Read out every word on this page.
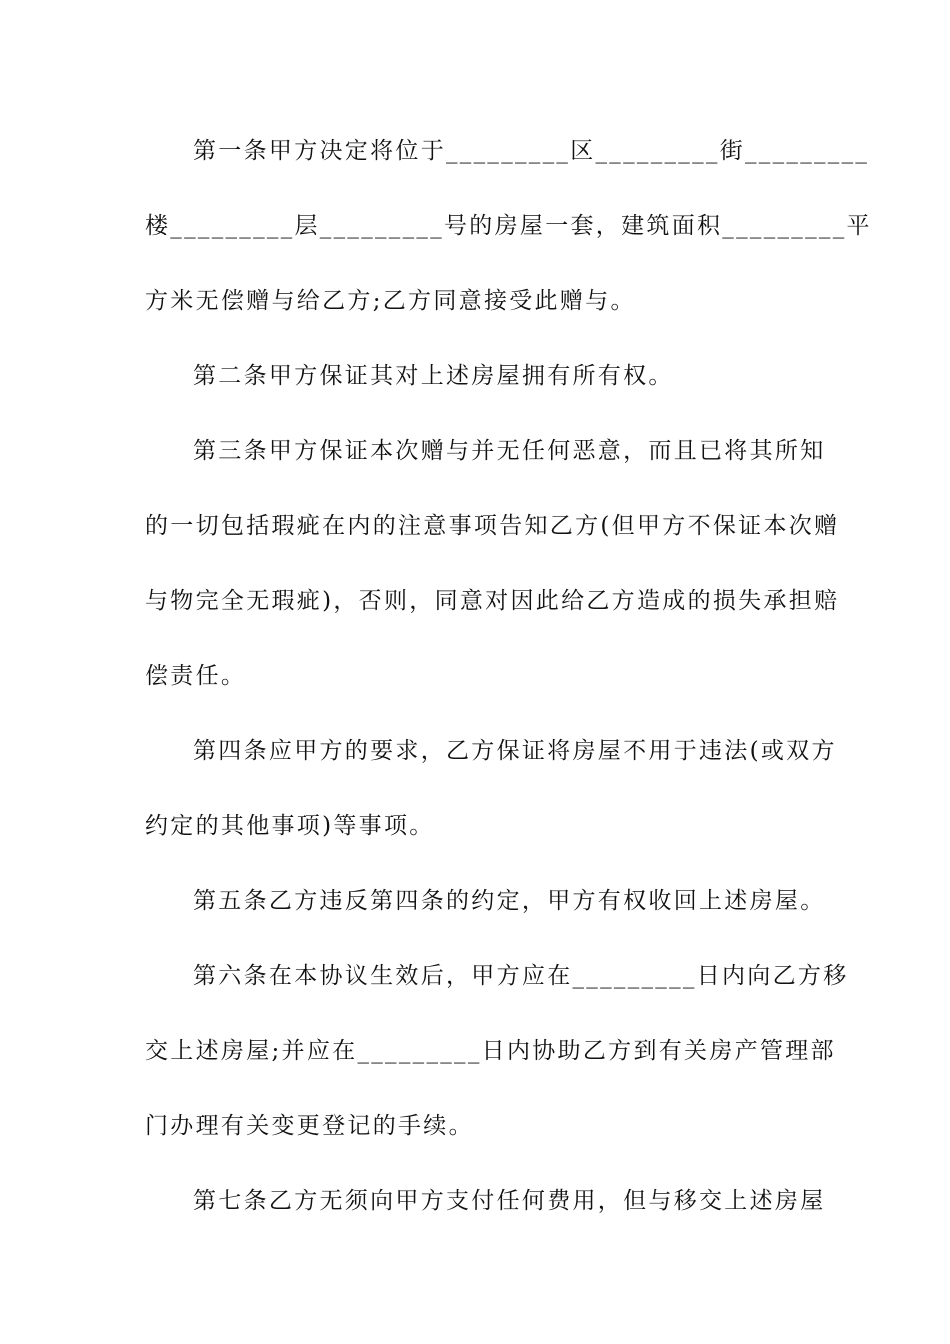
第一条甲方决定将位于_________区_________街_________
楼_________层_________号的房屋一套，建筑面积_________平
方米无偿赠与给乙方;乙方同意接受此赠与。
第二条甲方保证其对上述房屋拥有所有权。
第三条甲方保证本次赠与并无任何恶意，而且已将其所知
的一切包括瑕疵在内的注意事项告知乙方(但甲方不保证本次赠
与物完全无瑕疵)，否则，同意对因此给乙方造成的损失承担赔
偿责任。
第四条应甲方的要求，乙方保证将房屋不用于违法(或双方
约定的其他事项)等事项。
第五条乙方违反第四条的约定，甲方有权收回上述房屋。
第六条在本协议生效后，甲方应在_________日内向乙方移
交上述房屋;并应在_________日内协助乙方到有关房产管理部
门办理有关变更登记的手续。
第七条乙方无须向甲方支付任何费用，但与移交上述房屋
